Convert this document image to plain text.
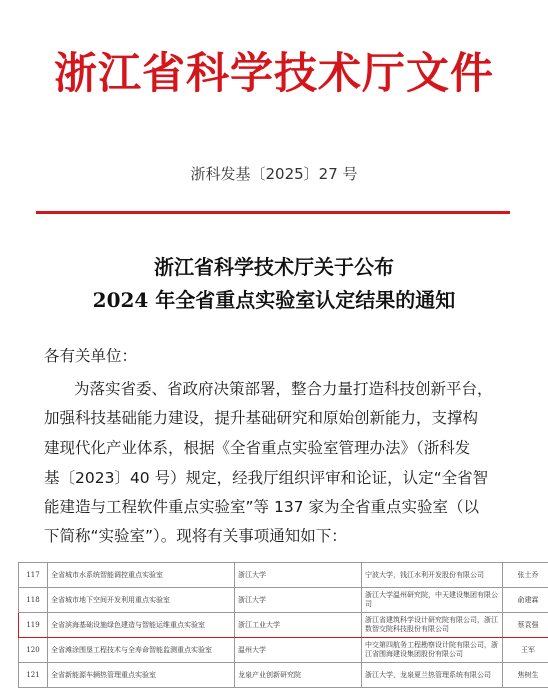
浙江省科学技术厅文件
浙科发基〔2025〕27 号
浙江省科学技术厅关于公布
2024 年全省重点实验室认定结果的通知
各有关单位：
为落实省委、省政府决策部署，整合力量打造科技创新平台，
加强科技基础能力建设，提升基础研究和原始创新能力，支撑构
建现代化产业体系，根据《全省重点实验室管理办法》（浙科发
基〔2023〕40 号）规定，经我厅组织评审和论证，认定“全省智
能建造与工程软件重点实验室”等 137 家为全省重点实验室（以
下简称“实验室”）。现将有关事项通知如下：
117	全省城市水系统智能调控重点实验室	浙江大学	宁波大学，钱江水利开发股份有限公司	张土乔
118	全省城市地下空间开发利用重点实验室	浙江大学	浙江大学温州研究院，中天建设集团有限公司	俞建霖
119	全省滨海基础设施绿色建造与智能运维重点实验室	浙江工业大学	浙江省建筑科学设计研究院有限公司，浙江数智交院科技股份有限公司	蔡袁强
120	全省滩涂围垦工程技术与全寿命智能监测重点实验室	温州大学	中交第四航务工程勘察设计院有限公司，浙江省围海建设集团股份有限公司	王军
121	全省新能源车辆热管理重点实验室	龙泉产业创新研究院	浙江大学，龙泉夏兰热管理系统有限公司	焦树生
